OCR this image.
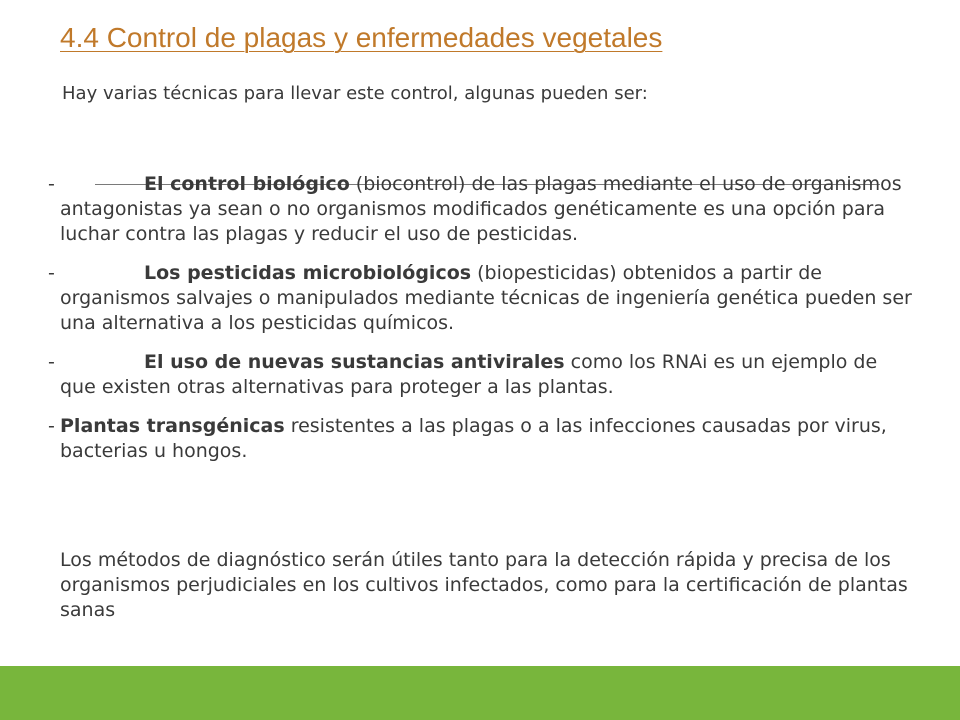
4.4 Control de plagas y enfermedades vegetales

Hay varias técnicas para llevar este control, algunas pueden ser:

-	El control biológico (biocontrol) de las plagas mediante el uso de organismos antagonistas ya sean o no organismos modificados genéticamente es una opción para luchar contra las plagas y reducir el uso de pesticidas.
-	Los pesticidas microbiológicos (biopesticidas) obtenidos a partir de organismos salvajes o manipulados mediante técnicas de ingeniería genética pueden ser una alternativa a los pesticidas químicos.
-	El uso de nuevas sustancias antivirales como los RNAi es un ejemplo de que existen otras alternativas para proteger a las plantas.
- Plantas transgénicas resistentes a las plagas o a las infecciones causadas por virus, bacterias u hongos.

Los métodos de diagnóstico serán útiles tanto para la detección rápida y precisa de los organismos perjudiciales en los cultivos infectados, como para la certificación de plantas sanas
